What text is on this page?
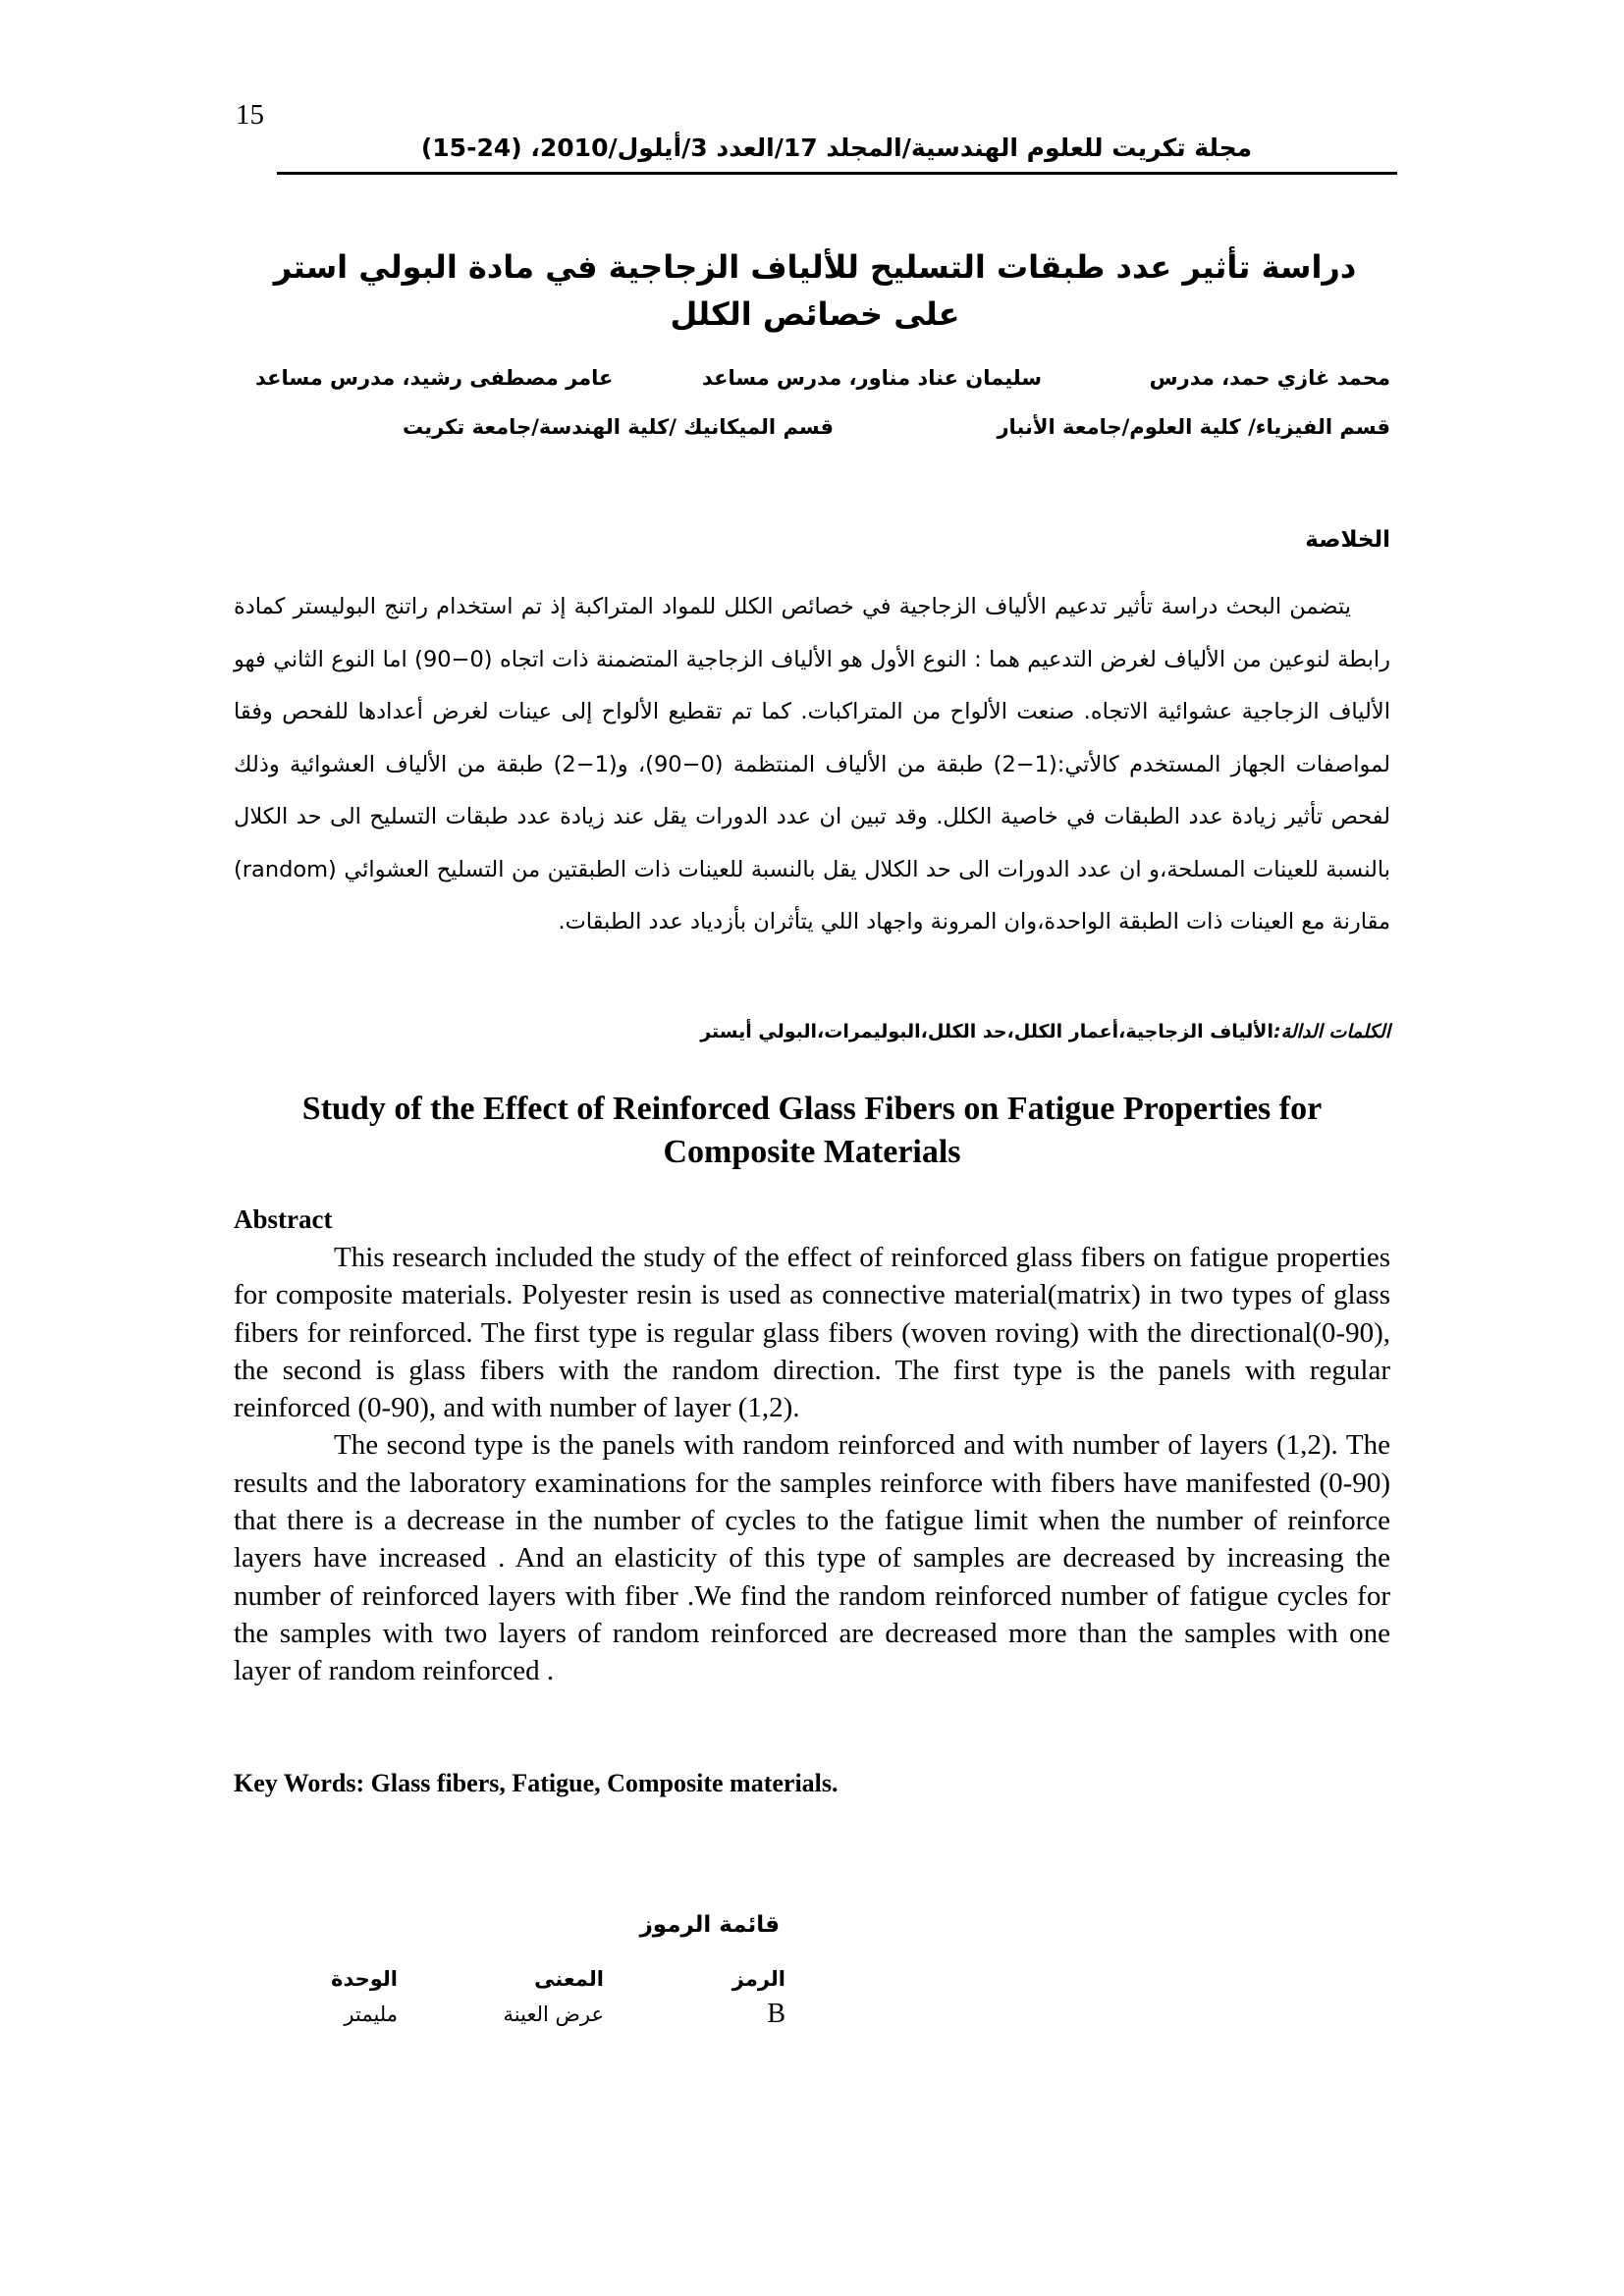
15
مجلة تكريت للعلوم الهندسية/المجلد 17/العدد 3/أيلول/2010، (24-15)
دراسة تأثير عدد طبقات التسليح للألياف الزجاجية في مادة البولي استر على خصائص الكلل
محمد غازي حمد، مدرس
سليمان عناد مناور، مدرس مساعد
عامر مصطفى رشيد، مدرس مساعد
قسم الفيزياء/ كلية العلوم/جامعة الأنبار
قسم الميكانيك /كلية الهندسة/جامعة تكريت
الخلاصة
يتضمن البحث دراسة تأثير تدعيم الألياف الزجاجية في خصائص الكلل للمواد المتراكبة إذ تم استخدام راتنج البوليستر كمادة رابطة لنوعين من الألياف لغرض التدعيم هما : النوع الأول هو الألياف الزجاجية المتضمنة ذات اتجاه (0−90) اما النوع الثاني فهو الألياف الزجاجية عشوائية الاتجاه. صنعت الألواح من المتراكبات. كما تم تقطيع الألواح إلى عينات لغرض أعدادها للفحص وفقا لمواصفات الجهاز المستخدم كالأتي:(1−2) طبقة من الألياف المنتظمة (0−90)، و(1−2) طبقة من الألياف العشوائية وذلك لفحص تأثير زيادة عدد الطبقات في خاصية الكلل. وقد تبين ان عدد الدورات يقل عند زيادة عدد طبقات التسليح الى حد الكلال بالنسبة للعينات المسلحة،و ان عدد الدورات الى حد الكلال يقل بالنسبة للعينات ذات الطبقتين من التسليح العشوائي (random) مقارنة مع العينات ذات الطبقة الواحدة،وان المرونة واجهاد اللي يتأثران بأزدياد عدد الطبقات.
الكلمات الدالة:الألياف الزجاجية،أعمار الكلل،حد الكلل،البوليمرات،البولي أيستر
Study of the Effect of Reinforced Glass Fibers on Fatigue Properties for Composite Materials
Abstract

This research included the study of the effect of reinforced glass fibers on fatigue properties for composite materials. Polyester resin is used as connective material(matrix) in two types of glass fibers for reinforced. The first type is regular glass fibers (woven roving) with the directional(0-90), the second is glass fibers with the random direction. The first type is the panels with regular reinforced (0-90), and with number of layer (1,2).

The second type is the panels with random reinforced and with number of layers (1,2). The results and the laboratory examinations for the samples reinforce with fibers have manifested (0-90) that there is a decrease in the number of cycles to the fatigue limit when the number of reinforce layers have increased . And an elasticity of this type of samples are decreased by increasing the number of reinforced layers with fiber .We find the random reinforced number of fatigue cycles for the samples with two layers of random reinforced are decreased more than the samples with one layer of random reinforced .

Key Words: Glass fibers, Fatigue, Composite materials.
قائمة الرموز
الرمز
المعنى
الوحدة
B
عرض العينة
مليمتر
